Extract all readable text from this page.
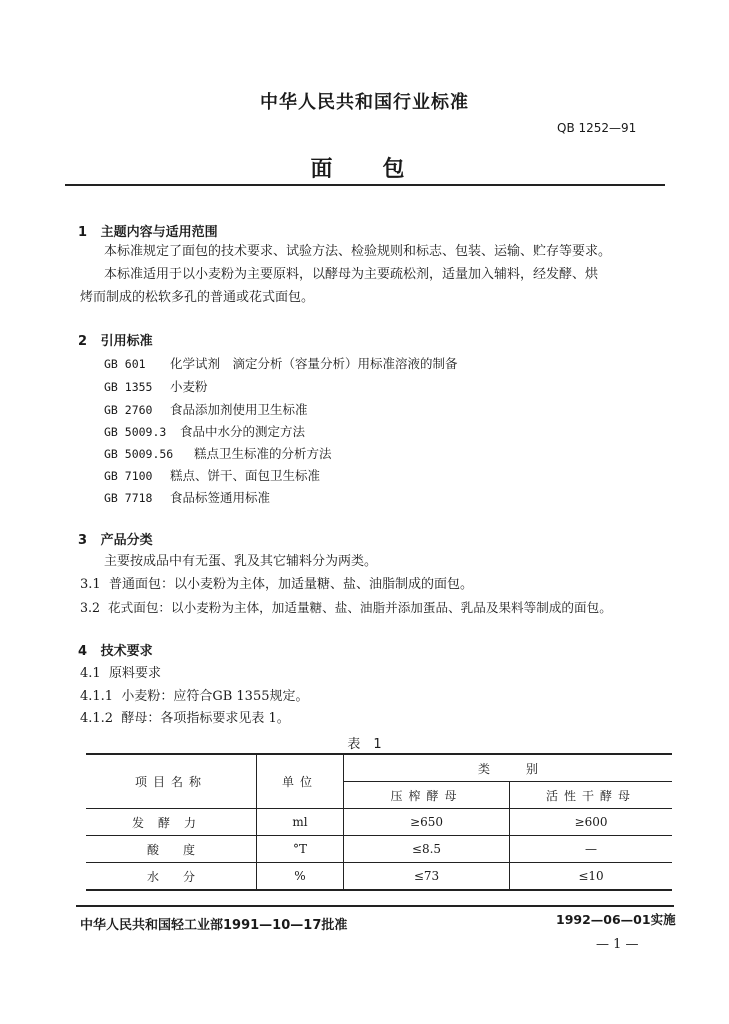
中华人民共和国行业标准
QB 1252—91
面　包
1 主题内容与适用范围
本标准规定了面包的技术要求、试验方法、检验规则和标志、包装、运输、贮存等要求。
本标准适用于以小麦粉为主要原料，以酵母为主要疏松剂，适量加入辅料，经发酵、烘
烤而制成的松软多孔的普通或花式面包。
2 引用标准
GB 601 化学试剂　滴定分析（容量分析）用标准溶液的制备
GB 1355 小麦粉
GB 2760 食品添加剂使用卫生标准
GB 5009.3 食品中水分的测定方法
GB 5009.56 糕点卫生标准的分析方法
GB 7100 糕点、饼干、面包卫生标准
GB 7718 食品标签通用标准
3 产品分类
主要按成品中有无蛋、乳及其它辅料分为两类。
3.1 普通面包：以小麦粉为主体，加适量糖、盐、油脂制成的面包。
3.2 花式面包：以小麦粉为主体，加适量糖、盐、油脂并添加蛋品、乳品及果料等制成的面包。
4 技术要求
4.1 原料要求
4.1.1 小麦粉：应符合GB 1355规定。
4.1.2 酵母：各项指标要求见表 1。
表　1
项目名称	单位	类　　　别	
		压榨酵母	活性干酵母
发酵力	ml	≥650	≥600
酸　　度	°T	≤8.5	—
水　　分	%	≤73	≤10
中华人民共和国轻工业部1991—10—17批准	1992—06—01实施
— 1 —
